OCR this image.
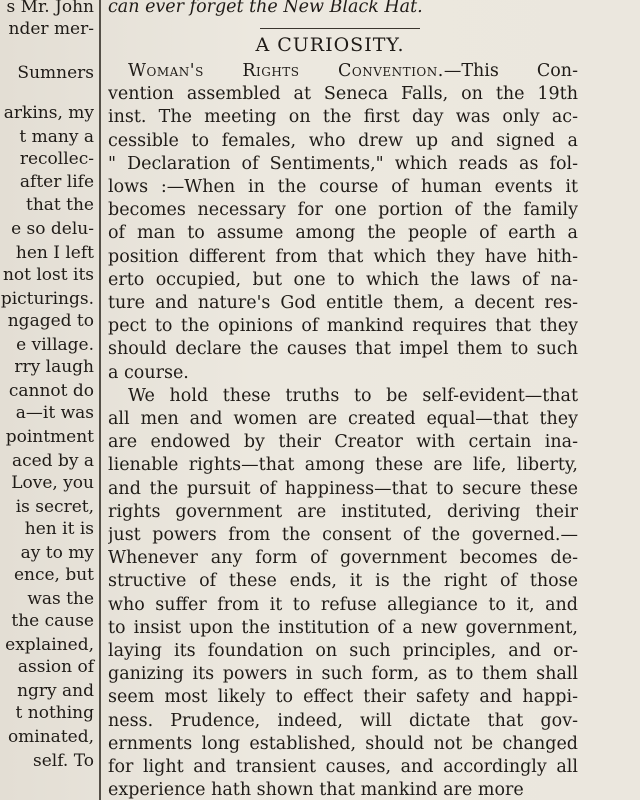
s Mr. John
nder mer-
Sumners
arkins, my
t many a
recollec-
after life
that the
e so delu-
hen I left
not lost its
picturings.
ngaged to
e village.
rry laugh
cannot do
a—it was
pointment
aced by a
Love, you
is secret,
hen it is
ay to my
ence, but
was the
the cause
explained,
assion of
ngry and
t nothing
ominated,
self. To
can ever forget the New Black Hat.
Woman's Rights Convention.—This Con-
vention assembled at Seneca Falls, on the 19th
inst. The meeting on the first day was only ac-
cessible to females, who drew up and signed a
" Declaration of Sentiments," which reads as fol-
lows :—When in the course of human events it
becomes necessary for one portion of the family
of man to assume among the people of earth a
position different from that which they have hith-
erto occupied, but one to which the laws of na-
ture and nature's God entitle them, a decent res-
pect to the opinions of mankind requires that they
should declare the causes that impel them to such
a course.
We hold these truths to be self-evident—that
all men and women are created equal—that they
are endowed by their Creator with certain ina-
lienable rights—that among these are life, liberty,
and the pursuit of happiness—that to secure these
rights government are instituted, deriving their
just powers from the consent of the governed.—
Whenever any form of government becomes de-
structive of these ends, it is the right of those
who suffer from it to refuse allegiance to it, and
to insist upon the institution of a new government,
laying its foundation on such principles, and or-
ganizing its powers in such form, as to them shall
seem most likely to effect their safety and happi-
ness. Prudence, indeed, will dictate that gov-
ernments long established, should not be changed
for light and transient causes, and accordingly all
experience hath shown that mankind are more
A CURIOSITY.
